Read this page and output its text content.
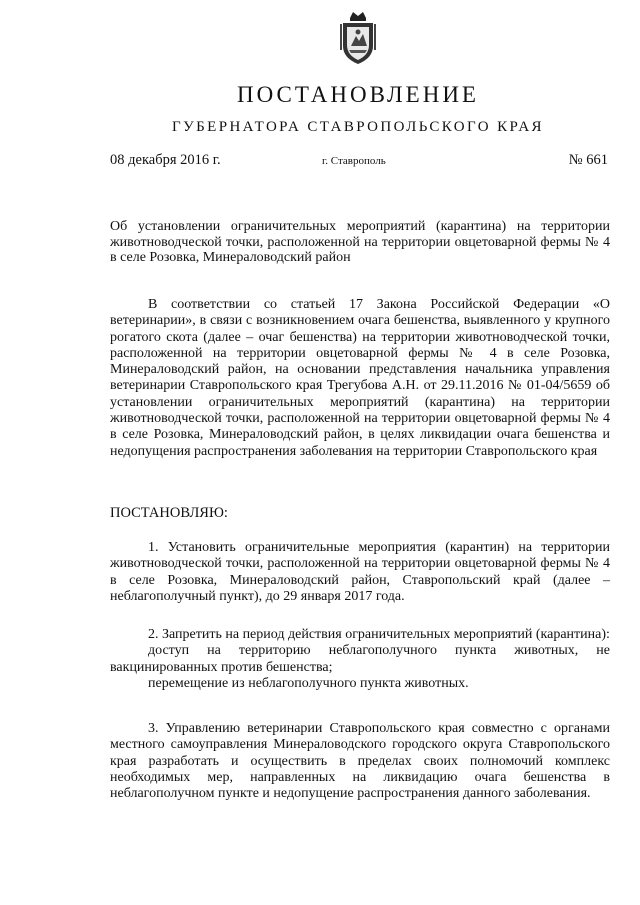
ПОСТАНОВЛЕНИЕ
ГУБЕРНАТОРА СТАВРОПОЛЬСКОГО КРАЯ
08 декабря 2016 г.	г. Ставрополь	№ 661
Об установлении ограничительных мероприятий (карантина) на территории животноводческой точки, расположенной на территории овцетоварной фермы № 4 в селе Розовка, Минераловодский район

В соответствии со статьей 17 Закона Российской Федерации «О ветеринарии», в связи с возникновением очага бешенства, выявленного у крупного рогатого скота (далее – очаг бешенства) на территории животноводческой точки, расположенной на территории овцетоварной фермы № 4 в селе Розовка, Минераловодский район, на основании представления начальника управления ветеринарии Ставропольского края Трегубова А.Н. от 29.11.2016 № 01-04/5659 об установлении ограничительных мероприятий (карантина) на территории животноводческой точки, расположенной на территории овцетоварной фермы № 4 в селе Розовка, Минераловодский район, в целях ликвидации очага бешенства и недопущения распространения заболевания на территории Ставропольского края

ПОСТАНОВЛЯЮ:

1. Установить ограничительные мероприятия (карантин) на территории животноводческой точки, расположенной на территории овцетоварной фермы № 4 в селе Розовка, Минераловодский район, Ставропольский край (далее – неблагополучный пункт), до 29 января 2017 года.

2. Запретить на период действия ограничительных мероприятий (карантина):

доступ на территорию неблагополучного пункта животных, не вакцинированных против бешенства;

перемещение из неблагополучного пункта животных.

3. Управлению ветеринарии Ставропольского края совместно с органами местного самоуправления Минераловодского городского округа Ставропольского края разработать и осуществить в пределах своих полномочий комплекс необходимых мер, направленных на ликвидацию очага бешенства в неблагополучном пункте и недопущение распространения данного заболевания.
